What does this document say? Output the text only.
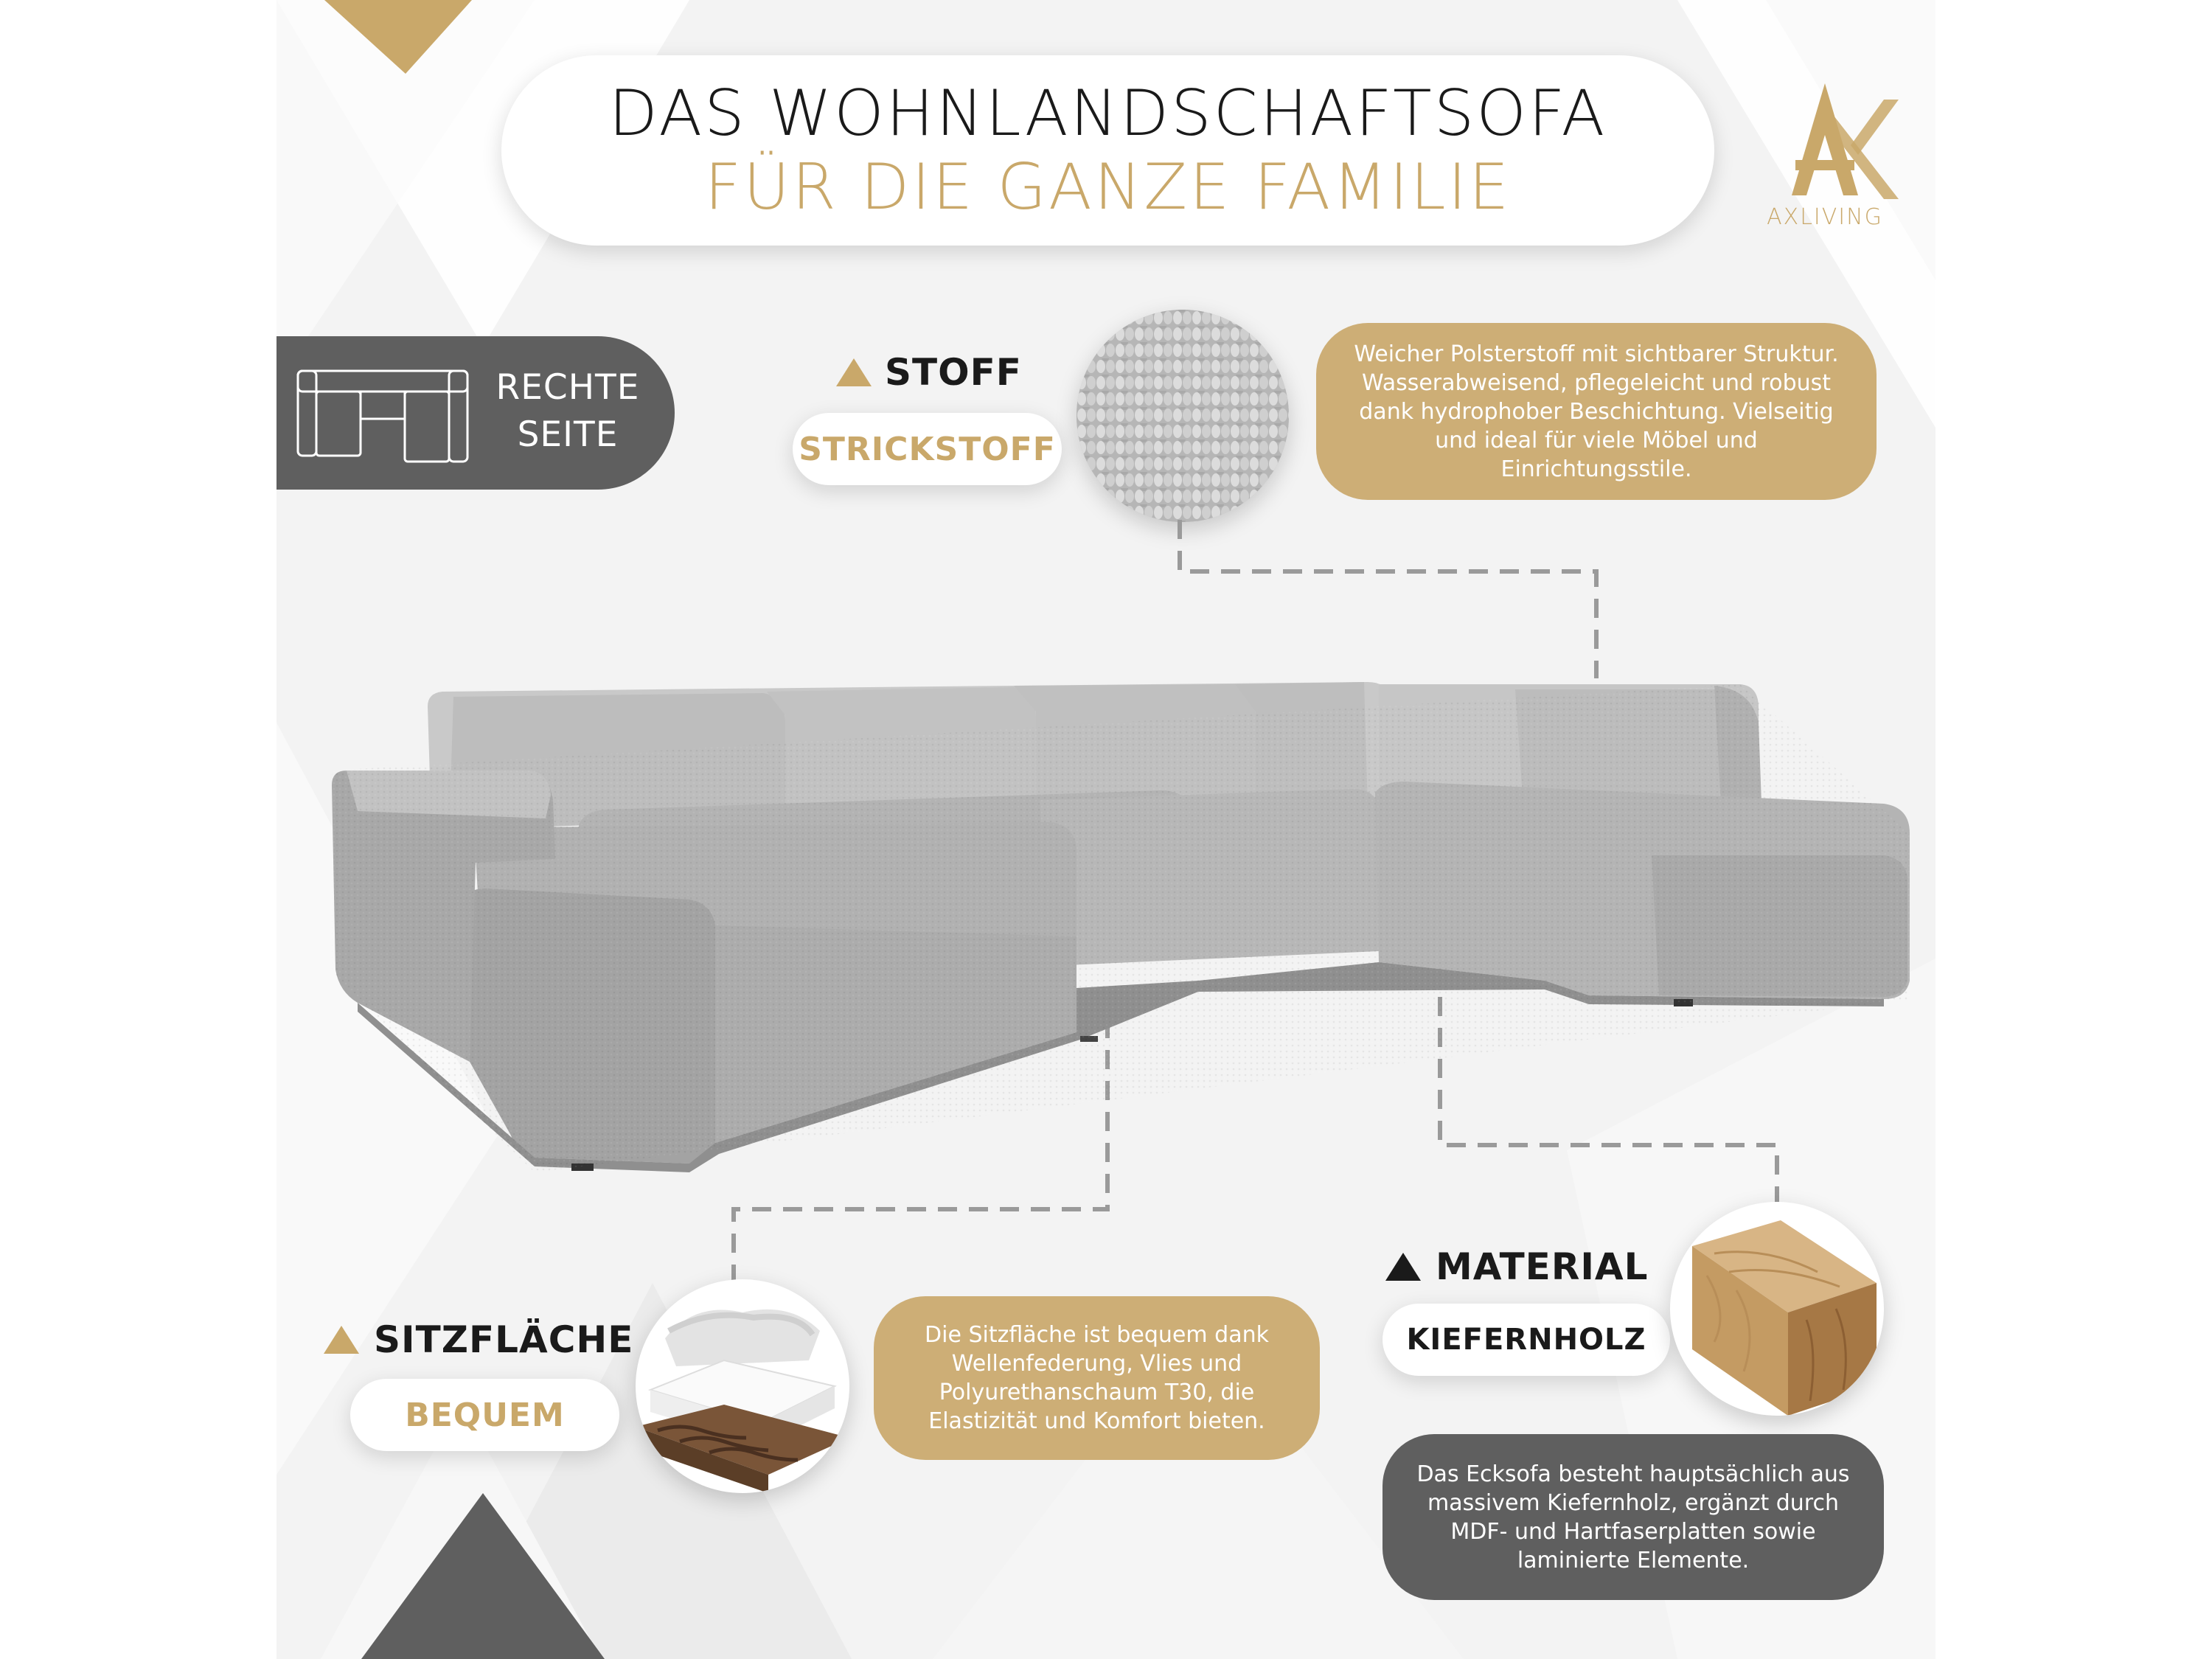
DAS WOHNLANDSCHAFTSOFA
FÜR DIE GANZE FAMILIE	AXLIVING
RECHTE
SEITE
STOFF
STRICKSTOFF
Weicher Polsterstoff mit sichtbarer Struktur. Wasserabweisend, pflegeleicht und robust dank hydrophober Beschichtung. Vielseitig und ideal für viele Möbel und Einrichtungsstile.
SITZFLÄCHE
BEQUEM
Die Sitzfläche ist bequem dank Wellenfederung, Vlies und Polyurethanschaum T30, die Elastizität und Komfort bieten.
MATERIAL
KIEFERNHOLZ
Das Ecksofa besteht hauptsächlich aus massivem Kiefernholz, ergänzt durch MDF- und Hartfaserplatten sowie laminierte Elemente.
